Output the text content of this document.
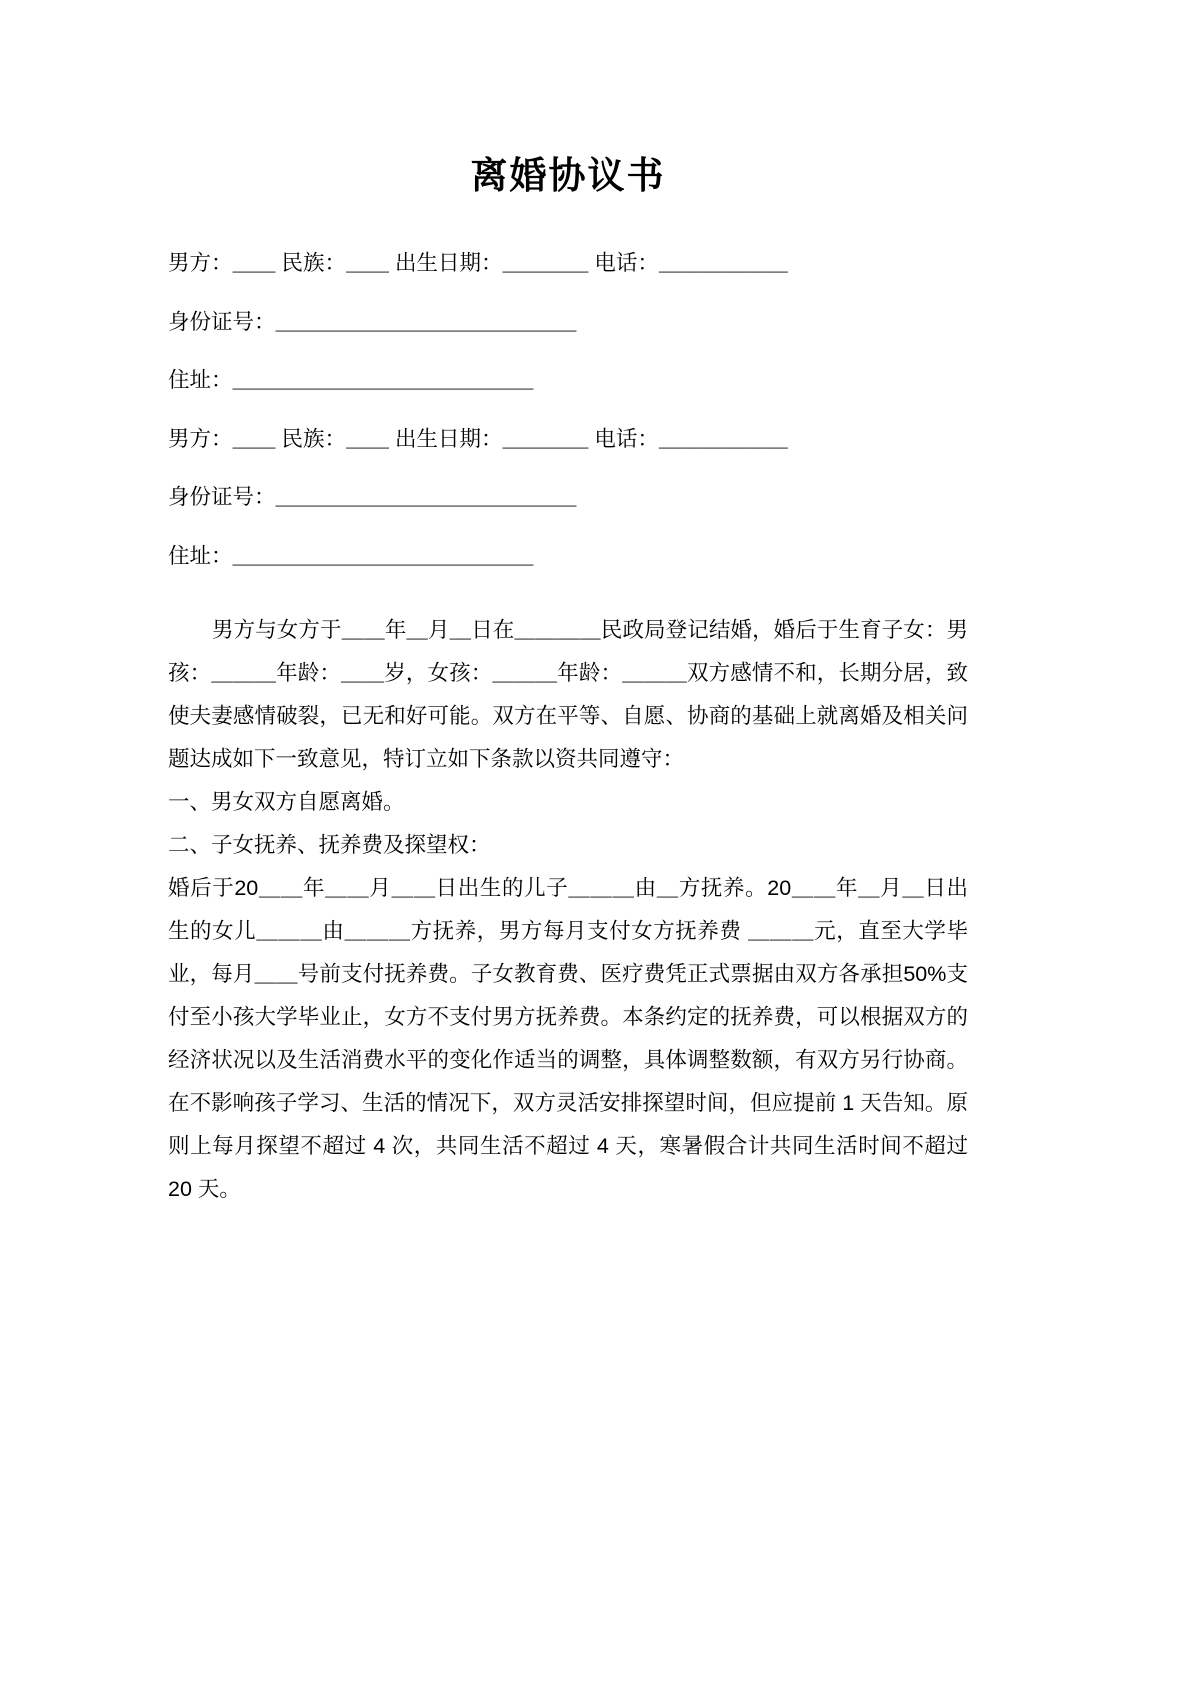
离婚协议书

男方：＿＿ 民族：＿＿ 出生日期：＿＿＿＿ 电话：＿＿＿＿＿＿

身份证号：＿＿＿＿＿＿＿＿＿＿＿＿＿＿

住址：＿＿＿＿＿＿＿＿＿＿＿＿＿＿

男方：＿＿ 民族：＿＿ 出生日期：＿＿＿＿ 电话：＿＿＿＿＿＿

身份证号：＿＿＿＿＿＿＿＿＿＿＿＿＿＿

住址：＿＿＿＿＿＿＿＿＿＿＿＿＿＿

男方与女方于＿＿年＿月＿日在＿＿＿＿民政局登记结婚，婚后于生育子女：男孩：＿＿＿年龄：＿＿岁，女孩：＿＿＿年龄：＿＿＿双方感情不和，长期分居，致使夫妻感情破裂，已无和好可能。双方在平等、自愿、协商的基础上就离婚及相关问题达成如下一致意见，特订立如下条款以资共同遵守：

一、男女双方自愿离婚。

二、子女抚养、抚养费及探望权：

婚后于20＿＿年＿＿月＿＿日出生的儿子＿＿＿由＿方抚养。20＿＿年＿月＿日出生的女儿＿＿＿由＿＿＿方抚养，男方每月支付女方抚养费 ＿＿＿元，直至大学毕业，每月＿＿号前支付抚养费。子女教育费、医疗费凭正式票据由双方各承担50%支付至小孩大学毕业止，女方不支付男方抚养费。本条约定的抚养费，可以根据双方的经济状况以及生活消费水平的变化作适当的调整，具体调整数额，有双方另行协商。在不影响孩子学习、生活的情况下，双方灵活安排探望时间，但应提前 1 天告知。原则上每月探望不超过 4 次，共同生活不超过 4 天，寒暑假合计共同生活时间不超过 20 天。
